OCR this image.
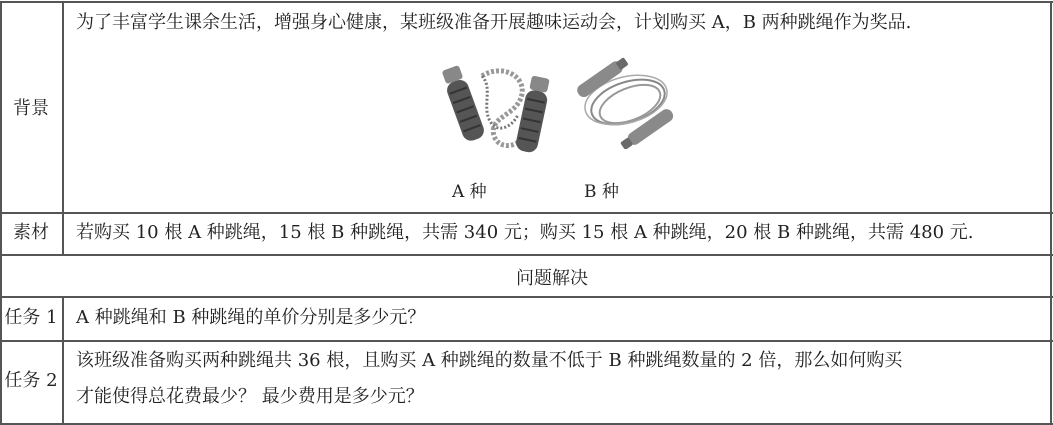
背景
为了丰富学生课余生活，增强身心健康，某班级准备开展趣味运动会，计划购买 A，B 两种跳绳作为奖品.
A 种	B 种
素材	若购买 10 根 A 种跳绳，15 根 B 种跳绳，共需 340 元；购买 15 根 A 种跳绳，20 根 B 种跳绳，共需 480 元.
问题解决
任务 1 A 种跳绳和 B 种跳绳的单价分别是多少元？
任务 2
该班级准备购买两种跳绳共 36 根，且购买 A 种跳绳的数量不低于 B 种跳绳数量的 2 倍，那么如何购买
才能使得总花费最少？ 最少费用是多少元？
